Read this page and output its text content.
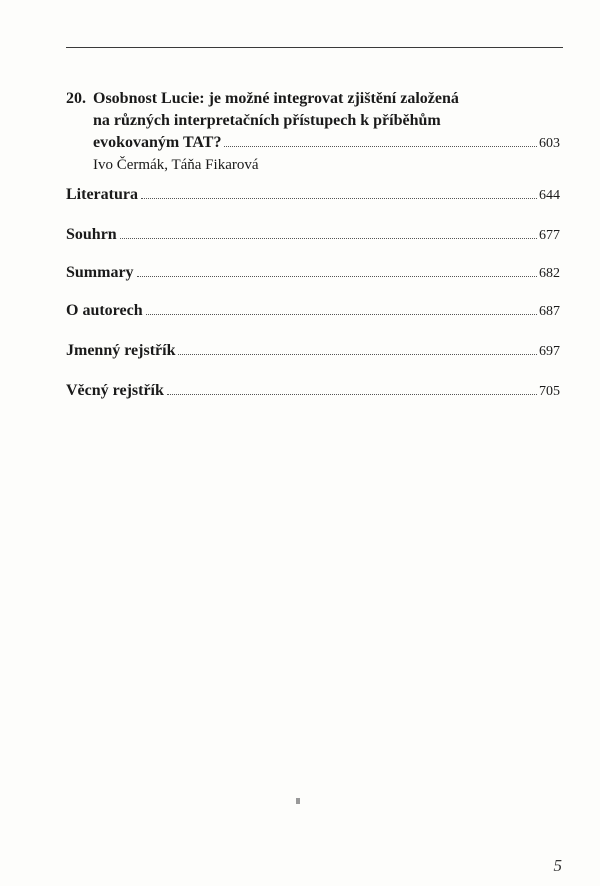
20. Osobnost Lucie: je možné integrovat zjištění založená
na různých interpretačních přístupech k příběhům
evokovaným TAT?	603
Ivo Čermák, Táňa Fikarová
Literatura	644
Souhrn	677
Summary	682
O autorech	687
Jmenný rejstřík	697
Věcný rejstřík	705
5
